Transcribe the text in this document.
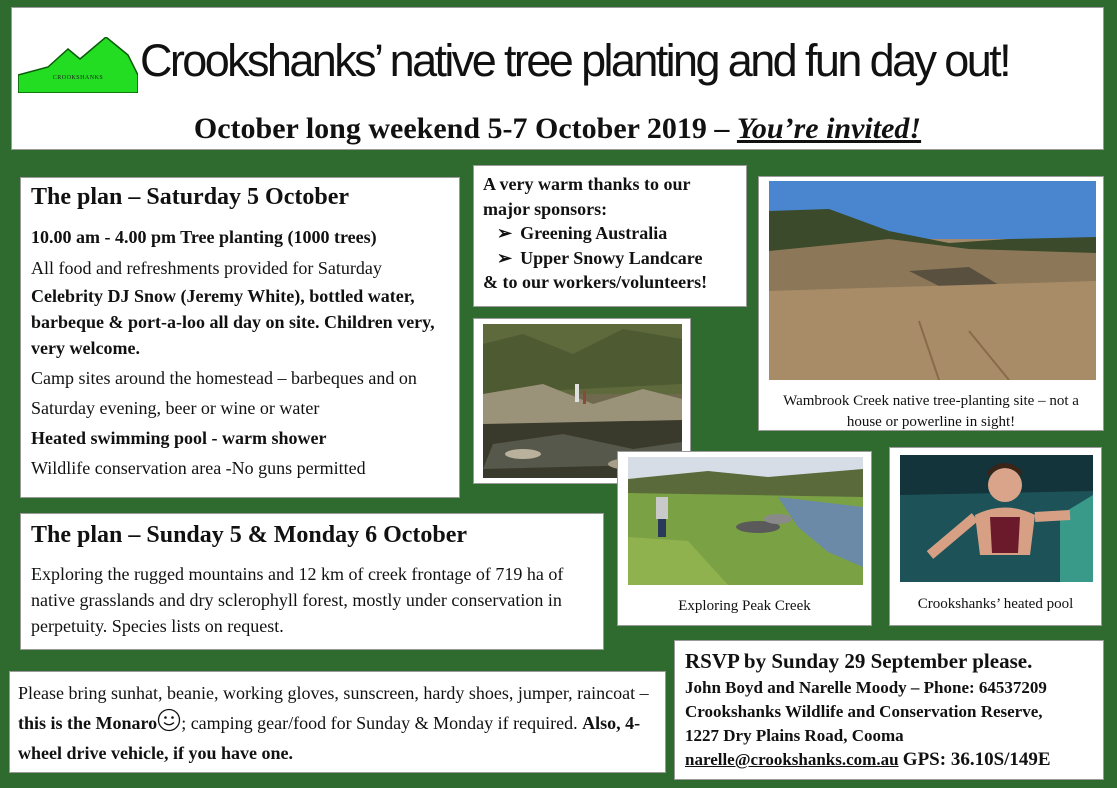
CROOKSHANKS Crookshanks’ native tree planting and fun day out!
October long weekend 5-7 October 2019 – You’re invited!
The plan – Saturday 5 October
10.00 am - 4.00 pm Tree planting (1000 trees)
All food and refreshments provided for Saturday
Celebrity DJ Snow (Jeremy White), bottled water, barbeque & port-a-loo all day on site. Children very, very welcome.
Camp sites around the homestead – barbeques and on Saturday evening, beer or wine or water
Heated swimming pool - warm shower
Wildlife conservation area -No guns permitted
The plan – Sunday 5 & Monday 6 October
Exploring the rugged mountains and 12 km of creek frontage of 719 ha of native grasslands and dry sclerophyll forest, mostly under conservation in perpetuity. Species lists on request.
Please bring sunhat, beanie, working gloves, sunscreen, hardy shoes, jumper, raincoat – this is the Monaro ; camping gear/food for Sunday & Monday if required. Also, 4-wheel drive vehicle, if you have one.
A very warm thanks to our major sponsors:
➢ Greening Australia
➢ Upper Snowy Landcare
& to our workers/volunteers!
Wambrook Creek native tree-planting site – not a house or powerline in sight!
Exploring Peak Creek	Crookshanks’ heated pool
RSVP by Sunday 29 September please.
John Boyd and Narelle Moody – Phone: 64537209
Crookshanks Wildlife and Conservation Reserve,
1227 Dry Plains Road, Cooma
narelle@crookshanks.com.au GPS: 36.10S/149E
